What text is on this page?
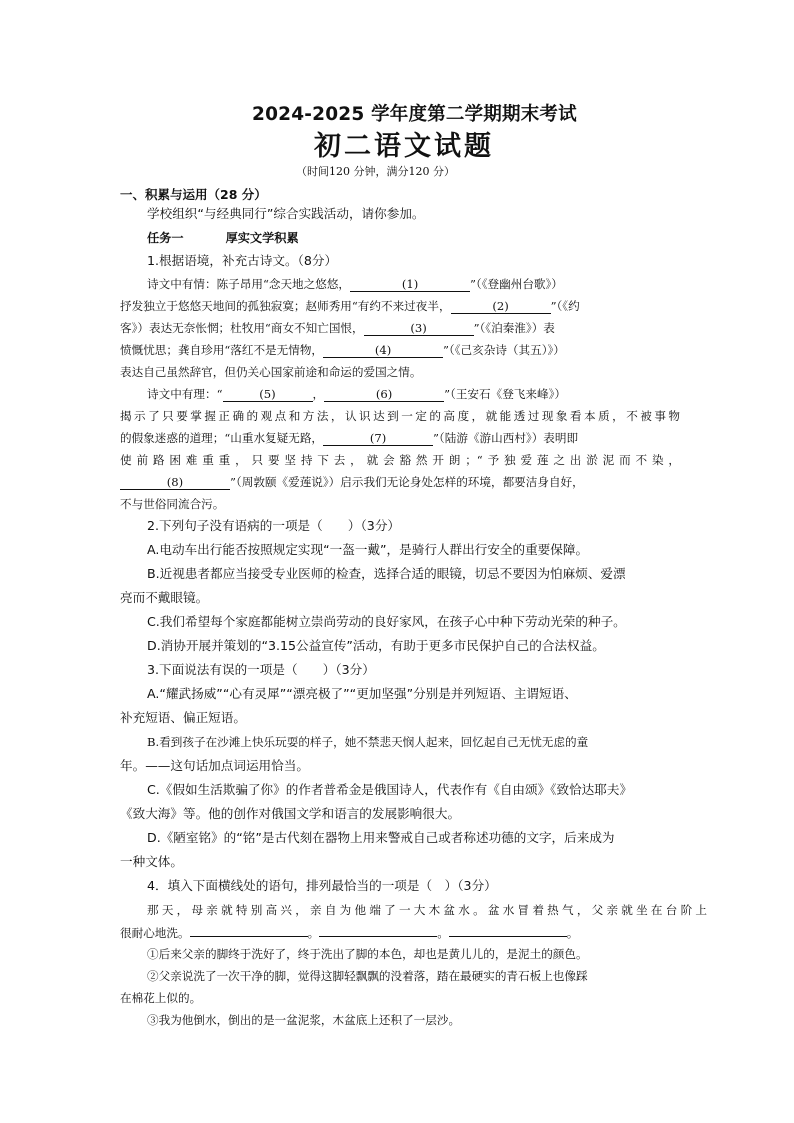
2024-2025 学年度第二学期期末考试
初二语文试题
（时间120 分钟，满分120 分）
一、积累与运用（28 分）
学校组织“与经典同行”综合实践活动，请你参加。
任务一	厚实文学积累
1.根据语境，补充古诗文。（8分）
诗文中有情：陈子昂用“念天地之悠悠，	(1)	”（《登幽州台歌》）
抒发独立于悠悠天地间的孤独寂寞；赵师秀用“有约不来过夜半，	(2)	”（《约
客》）表达无奈怅惘；杜牧用“商女不知亡国恨，	(3)	”（《泊秦淮》）表
愤慨忧思；龚自珍用“落红不是无情物，	(4)	”（《己亥杂诗（其五）》）
表达自己虽然辞官，但仍关心国家前途和命运的爱国之情。
诗文中有理：“	(5)	，	(6)	”（王安石《登飞来峰》）
揭示了只要掌握正确的观点和方法，认识达到一定的高度，就能透过现象看本质，不被事物
的假象迷惑的道理；“山重水复疑无路，	(7)	”（陆游《游山西村》）表明即
使前路困难重重，只要坚持下去，就会豁然开朗；“予独爱莲之出淤泥而不染，
(8)	”（周敦颐《爱莲说》）启示我们无论身处怎样的环境，都要洁身自好，
不与世俗同流合污。
2.下列句子没有语病的一项是（　　）（3分）
A.电动车出行能否按照规定实现“一盔一戴”，是骑行人群出行安全的重要保障。
B.近视患者都应当接受专业医师的检查，选择合适的眼镜，切忌不要因为怕麻烦、爱漂
亮而不戴眼镜。
C.我们希望每个家庭都能树立崇尚劳动的良好家风，在孩子心中种下劳动光荣的种子。
D.消协开展并策划的“3.15公益宣传”活动，有助于更多市民保护自己的合法权益。
3.下面说法有误的一项是（　　）（3分）
A.“耀武扬威”“心有灵犀”“漂亮极了”“更加坚强”分别是并列短语、主谓短语、
补充短语、偏正短语。
B.看到孩子在沙滩上快乐玩耍的样子，她不禁悲天悯人起来，回忆起自己无忧无虑的童
年。——这句话加点词运用恰当。
C.《假如生活欺骗了你》的作者普希金是俄国诗人，代表作有《自由颂》《致恰达耶夫》
《致大海》等。他的创作对俄国文学和语言的发展影响很大。
D.《陋室铭》的“铭”是古代刻在器物上用来警戒自己或者称述功德的文字，后来成为
一种文体。
4．填入下面横线处的语句，排列最恰当的一项是（　）（3分）
那天，母亲就特别高兴，亲自为他端了一大木盆水。盆水冒着热气，父亲就坐在台阶上
很耐心地洗。	。	。	。
①后来父亲的脚终于洗好了，终于洗出了脚的本色，却也是黄儿儿的，是泥土的颜色。
②父亲说洗了一次干净的脚，觉得这脚轻飘飘的没着落，踏在最硬实的青石板上也像踩
在棉花上似的。
③我为他倒水，倒出的是一盆泥浆，木盆底上还积了一层沙。
